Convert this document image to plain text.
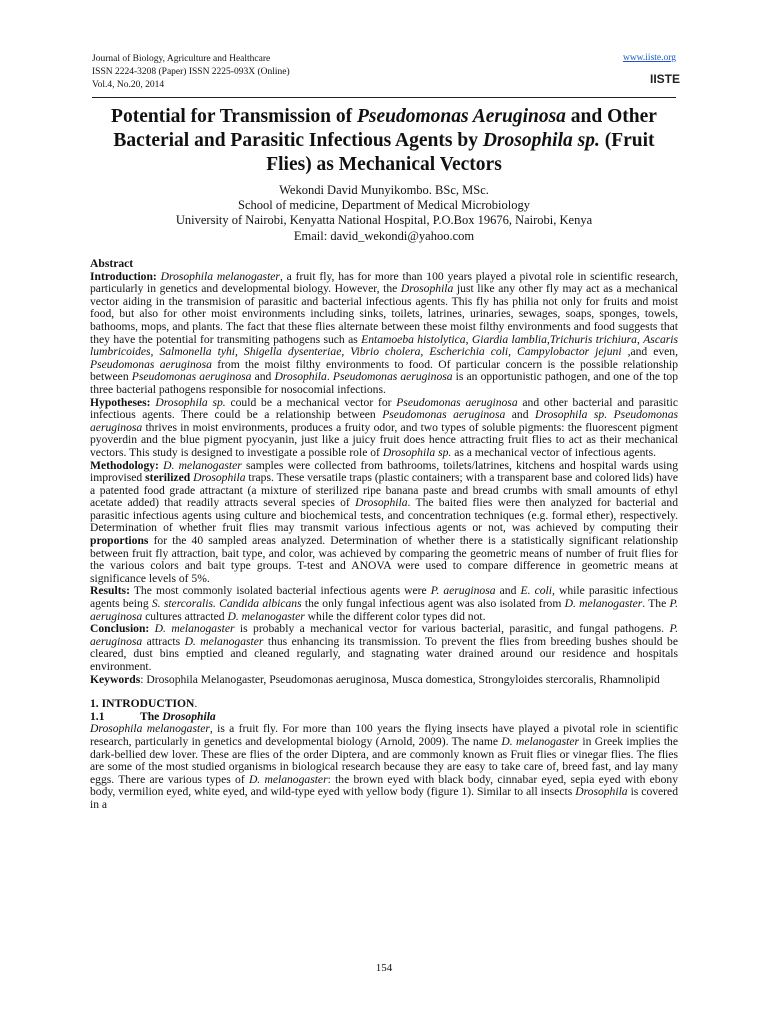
Journal of Biology, Agriculture and Healthcare
ISSN 2224-3208 (Paper) ISSN 2225-093X (Online)
Vol.4, No.20, 2014
www.iiste.org
IISTE
Potential for Transmission of Pseudomonas Aeruginosa and Other Bacterial and Parasitic Infectious Agents by Drosophila sp. (Fruit Flies) as Mechanical Vectors
Wekondi David Munyikombo. BSc, MSc.
School of medicine, Department of Medical Microbiology
University of Nairobi, Kenyatta National Hospital, P.O.Box 19676, Nairobi, Kenya
Email: david_wekondi@yahoo.com

Abstract

Introduction: Drosophila melanogaster, a fruit fly, has for more than 100 years played a pivotal role in scientific research, particularly in genetics and developmental biology. However, the Drosophila just like any other fly may act as a mechanical vector aiding in the transmision of parasitic and bacterial infectious agents. This fly has philia not only for fruits and moist food, but also for other moist environments including sinks, toilets, latrines, urinaries, sewages, soaps, sponges, towels, bathooms, mops, and plants. The fact that these flies alternate between these moist filthy environments and food suggests that they have the potential for transmiting pathogens such as Entamoeba histolytica, Giardia lamblia,Trichuris trichiura, Ascaris lumbricoides, Salmonella tyhi, Shigella dysenteriae, Vibrio cholera, Escherichia coli, Campylobactor jejuni ,and even, Pseudomonas aeruginosa from the moist filthy environments to food. Of particular concern is the possible relationship between Pseudomonas aeruginosa and Drosophila. Pseudomonas aeruginosa is an opportunistic pathogen, and one of the top three bacterial pathogens responsible for nosocomial infections.

Hypotheses: Drosophila sp. could be a mechanical vector for Pseudomonas aeruginosa and other bacterial and parasitic infectious agents. There could be a relationship between Pseudomonas aeruginosa and Drosophila sp. Pseudomonas aeruginosa thrives in moist environments, produces a fruity odor, and two types of soluble pigments: the fluorescent pigment pyoverdin and the blue pigment pyocyanin, just like a juicy fruit does hence attracting fruit flies to act as their mechanical vectors. This study is designed to investigate a possible role of Drosophila sp. as a mechanical vector of infectious agents.

Methodology: D. melanogaster samples were collected from bathrooms, toilets/latrines, kitchens and hospital wards using improvised sterilized Drosophila traps. These versatile traps (plastic containers; with a transparent base and colored lids) have a patented food grade attractant (a mixture of sterilized ripe banana paste and bread crumbs with small amounts of ethyl acetate added) that readily attracts several species of Drosophila. The baited flies were then analyzed for bacterial and parasitic infectious agents using culture and biochemical tests, and concentration techniques (e.g. formal ether), respectively. Determination of whether fruit flies may transmit various infectious agents or not, was achieved by computing their proportions for the 40 sampled areas analyzed. Determination of whether there is a statistically significant relationship between fruit fly attraction, bait type, and color, was achieved by comparing the geometric means of number of fruit flies for the various colors and bait type groups. T-test and ANOVA were used to compare difference in geometric means at significance levels of 5%.

Results: The most commonly isolated bacterial infectious agents were P. aeruginosa and E. coli, while parasitic infectious agents being S. stercoralis. Candida albicans the only fungal infectious agent was also isolated from D. melanogaster. The P. aeruginosa cultures attracted D. melanogaster while the different color types did not.

Conclusion: D. melanogaster is probably a mechanical vector for various bacterial, parasitic, and fungal pathogens. P. aeruginosa attracts D. melanogaster thus enhancing its transmission. To prevent the flies from breeding bushes should be cleared, dust bins emptied and cleaned regularly, and stagnating water drained around our residence and hospitals environment.

Keywords: Drosophila Melanogaster, Pseudomonas aeruginosa, Musca domestica, Strongyloides stercoralis, Rhamnolipid

1. INTRODUCTION.

1.1	The Drosophila

Drosophila melanogaster, is a fruit fly. For more than 100 years the flying insects have played a pivotal role in scientific research, particularly in genetics and developmental biology (Arnold, 2009). The name D. melanogaster in Greek implies the dark-bellied dew lover. These are flies of the order Diptera, and are commonly known as Fruit flies or vinegar flies. The flies are some of the most studied organisms in biological research because they are easy to take care of, breed fast, and lay many eggs. There are various types of D. melanogaster: the brown eyed with black body, cinnabar eyed, sepia eyed with ebony body, vermilion eyed, white eyed, and wild-type eyed with yellow body (figure 1). Similar to all insects Drosophila is covered in a

154
